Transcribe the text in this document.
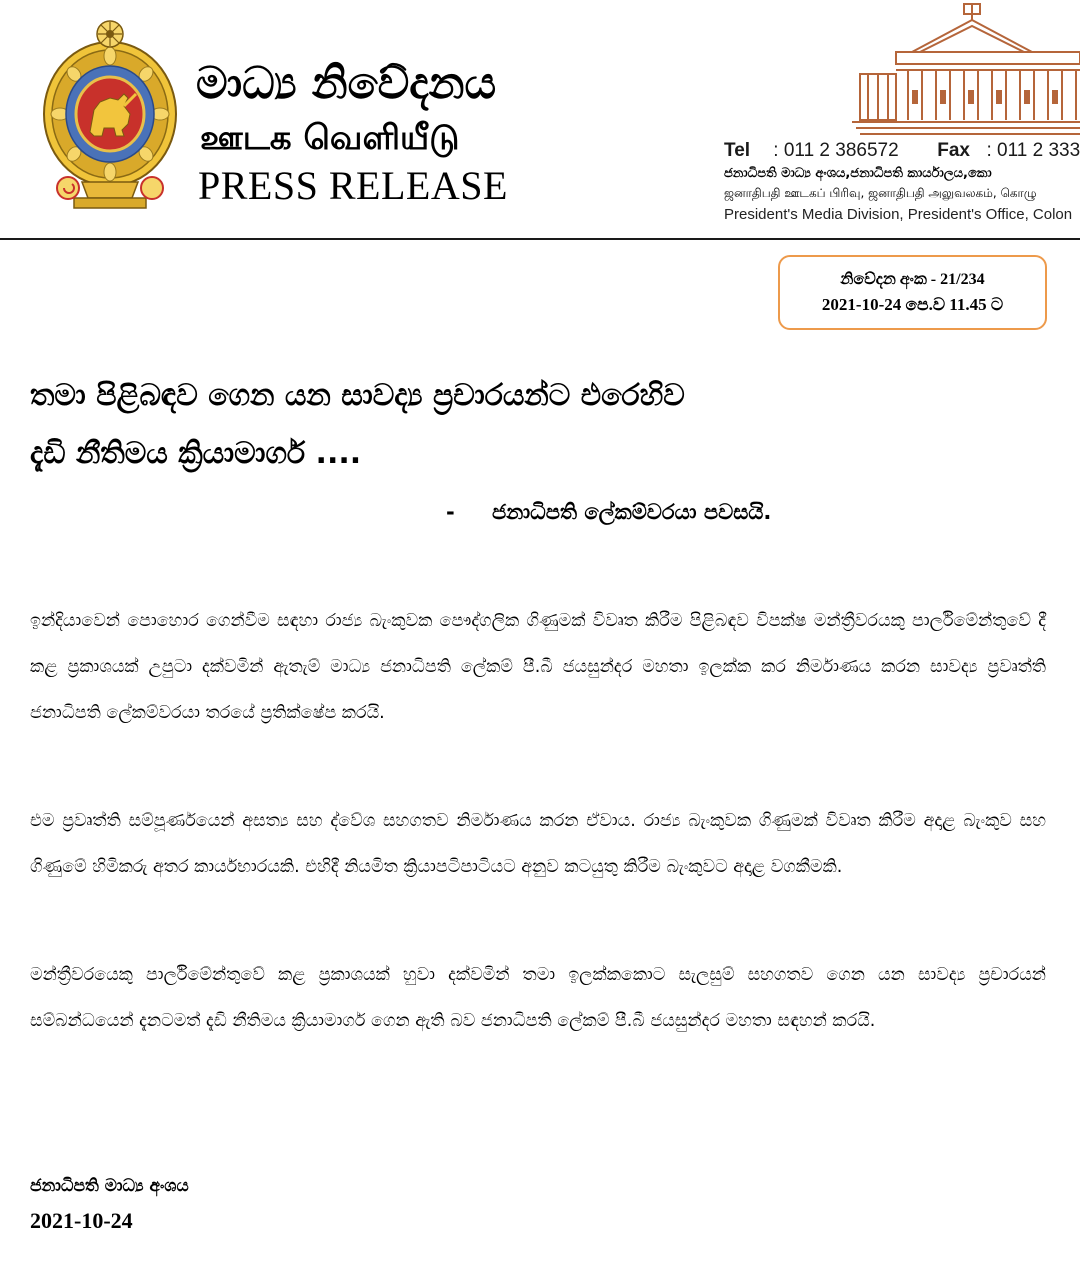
මාධ්‍ය නිවේදනය
ஊடக வெளியீடு
PRESS RELEASE
Tel : 011 2 386572 Fax : 011 2 333
ජනාධිපති මාධ්‍ය අංශය,ජනාධිපති කාර්යාලය,කො
ஜனாதிபதி ஊடகப் பிரிவு, ஜனாதிபதி அலுவலகம், கொழு
President's Media Division, President's Office, Colon
නිවේදන අංක - 21/234
2021-10-24 පෙ.ව 11.45 ට
තමා පිළිබඳව ගෙන යන සාවද්‍ය ප්‍රචාරයන්ට එරෙහිව
දැඩි නීතිමය ක්‍රියාමාර්ග ....
- ජනාධිපති ලේකම්වරයා පවසයි.

ඉන්දියාවෙන් පොහොර ගෙන්වීම සඳහා රාජ්‍ය බැංකුවක පෞද්ගලික ගිණුමක් විවෘත කිරීම පිළිබඳව විපක්ෂ මන්ත්‍රීවරයකු පාර්ලිමේන්තුවේ දී කළ ප්‍රකාශයක් උපුටා දක්වමින් ඇතැම් මාධ්‍ය ජනාධිපති ලේකම් පී.බී ජයසුන්දර මහතා ඉලක්ක කර නිර්මාණය කරන සාවද්‍ය ප්‍රවෘත්ති ජනාධිපති ලේකම්වරයා තරයේ ප්‍රතික්ෂේප කරයි.

එම ප්‍රවෘත්ති සම්පූර්ණයෙන් අසත්‍ය සහ ද්වේශ සහගතව නිර්මාණය කරන ඒවාය. රාජ්‍ය බැංකුවක ගිණුමක් විවෘත කිරීම අදාළ බැංකුව සහ ගිණුමේ හිමිකරු අතර කාර්යභාරයකි. එහිදී නියමිත ක්‍රියාපටිපාටියට අනුව කටයුතු කිරීම බැංකුවට අදාළ වගකීමකි.

මන්ත්‍රීවරයෙකු පාර්ලිමේන්තුවේ කළ ප්‍රකාශයක් හුවා දක්වමින් තමා ඉලක්කකොට සැලසුම් සහගතව ගෙන යන සාවද්‍ය ප්‍රචාරයන් සම්බන්ධයෙන් දැනටමත් දැඩි නීතිමය ක්‍රියාමාර්ග ගෙන ඇති බව ජනාධිපති ලේකම් පී.බී ජයසුන්දර මහතා සඳහන් කරයි.

ජනාධිපති මාධ්‍ය අංශය
2021-10-24
